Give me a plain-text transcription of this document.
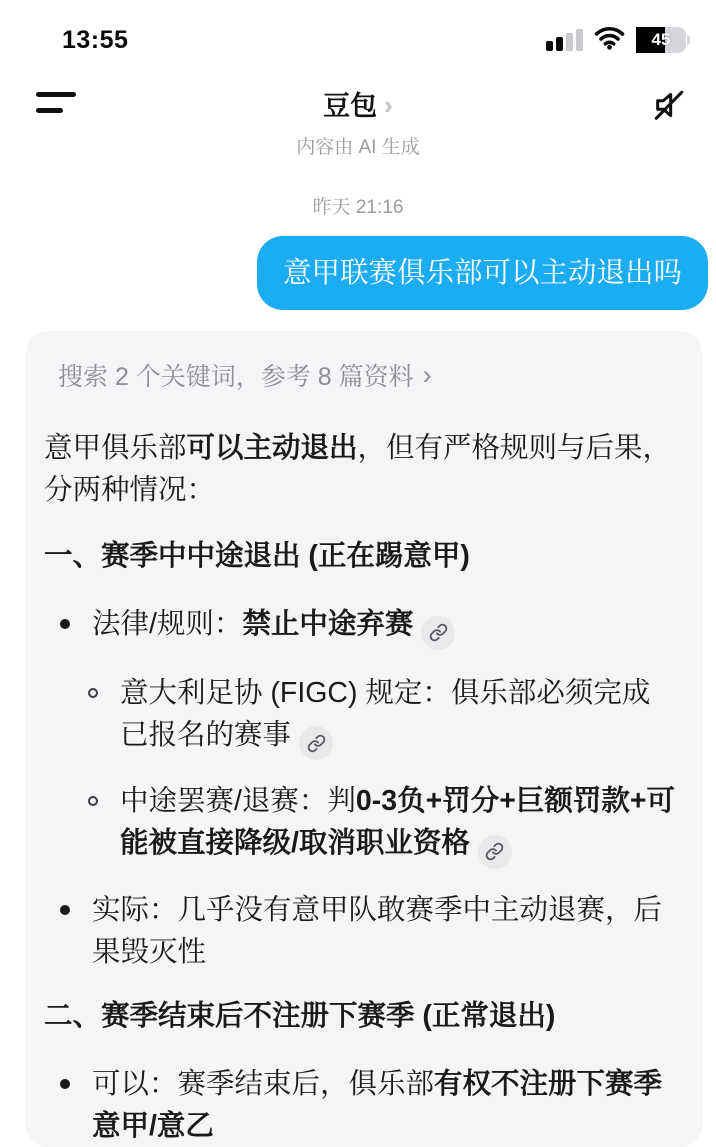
13:55	45
豆包 ›
内容由 AI 生成
昨天 21:16
意甲联赛俱乐部可以主动退出吗
搜索 2 个关键词，参考 8 篇资料 ›
意甲俱乐部可以主动退出，但有严格规则与后果，分两种情况：
一、赛季中中途退出 (正在踢意甲)
法律/规则：禁止中途弃赛
意大利足协 (FIGC) 规定：俱乐部必须完成已报名的赛事
中途罢赛/退赛：判0-3负+罚分+巨额罚款+可能被直接降级/取消职业资格
实际：几乎没有意甲队敢赛季中主动退赛，后果毁灭性
二、赛季结束后不注册下赛季 (正常退出)
可以：赛季结束后，俱乐部有权不注册下赛季意甲/意乙
